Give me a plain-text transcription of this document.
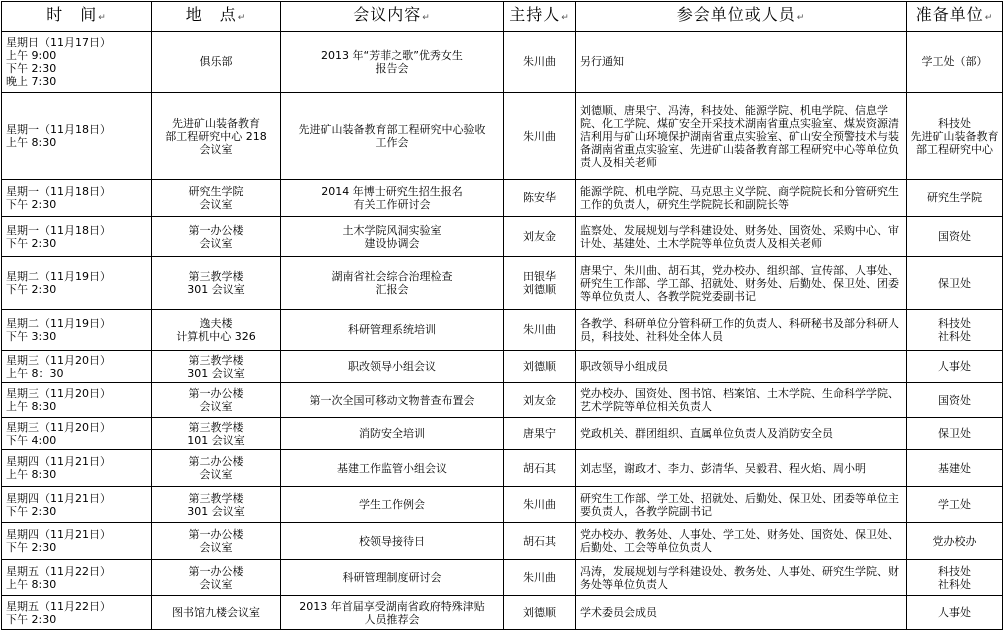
时　间↵	地　点↵	会议内容↵	主持人↵	参会单位或人员↵	准备单位↵
星期日（11月17日）
上午 9:00
下午 2:30
晚上 7:30	俱乐部	2013 年“芳菲之歌”优秀女生
报告会	朱川曲	另行通知	学工处（部）
星期一（11月18日）
上午 8:30	先进矿山装备教育
部工程研究中心 218
会议室	先进矿山装备教育部工程研究中心验收
工作会	朱川曲	刘德顺、唐果宁、冯涛，科技处、能源学院、机电学院、信息学院、化工学院、煤矿安全开采技术湖南省重点实验室、煤炭资源清洁利用与矿山环境保护湖南省重点实验室、矿山安全预警技术与装备湖南省重点实验室、先进矿山装备教育部工程研究中心等单位负责人及相关老师	科技处
先进矿山装备教育部工程研究中心
星期一（11月18日）
下午 2:30	研究生学院
会议室	2014 年博士研究生招生报名
有关工作研讨会	陈安华	能源学院、机电学院、马克思主义学院、商学院院长和分管研究生工作的负责人，研究生学院院长和副院长等	研究生学院
星期一（11月18日）
下午 2:30	第一办公楼
会议室	土木学院风洞实验室
建设协调会	刘友金	监察处、发展规划与学科建设处、财务处、国资处、采购中心、审计处、基建处、土木学院等单位负责人及相关老师	国资处
星期二（11月19日）
下午 2:30	第三教学楼
301 会议室	湖南省社会综合治理检查
汇报会	田银华
刘德顺	唐果宁、朱川曲、胡石其，党办校办、组织部、宣传部、人事处、研究生工作部、学工部、招就处、财务处、后勤处、保卫处、团委等单位负责人、各教学院党委副书记	保卫处
星期二（11月19日）
下午 3:30	逸夫楼
计算机中心 326	科研管理系统培训	朱川曲	各教学、科研单位分管科研工作的负责人、科研秘书及部分科研人员，科技处、社科处全体人员	科技处
社科处
星期三（11月20日）
上午 8：30	第三教学楼
301 会议室	职改领导小组会议	刘德顺	职改领导小组成员	人事处
星期三（11月20日）
上午 8:30	第一办公楼
会议室	第一次全国可移动文物普查布置会	刘友金	党办校办、国资处、图书馆、档案馆、土木学院、生命科学学院、艺术学院等单位相关负责人	国资处
星期三（11月20日）
下午 4:00	第三教学楼
101 会议室	消防安全培训	唐果宁	党政机关、群团组织、直属单位负责人及消防安全员	保卫处
星期四（11月21日）
上午 8:30	第二办公楼
会议室	基建工作监管小组会议	胡石其	刘志坚，谢政才、李力、彭清华、吴毅君、程火焰、周小明	基建处
星期四（11月21日）
下午 2:30	第三教学楼
301 会议室	学生工作例会	朱川曲	研究生工作部、学工处、招就处、后勤处、保卫处、团委等单位主要负责人，各教学院副书记	学工处
星期四（11月21日）
下午 2:30	第一办公楼
会议室	校领导接待日	胡石其	党办校办、教务处、人事处、学工处、财务处、国资处、保卫处、后勤处、工会等单位负责人	党办校办
星期五（11月22日）
上午 8:30	第一办公楼
会议室	科研管理制度研讨会	朱川曲	冯涛，发展规划与学科建设处、教务处、人事处、研究生学院、财务处等单位负责人	科技处
社科处
星期五（11月22日）
下午 2:30	图书馆九楼会议室	2013 年首届享受湖南省政府特殊津贴
人员推荐会	刘德顺	学术委员会成员	人事处
